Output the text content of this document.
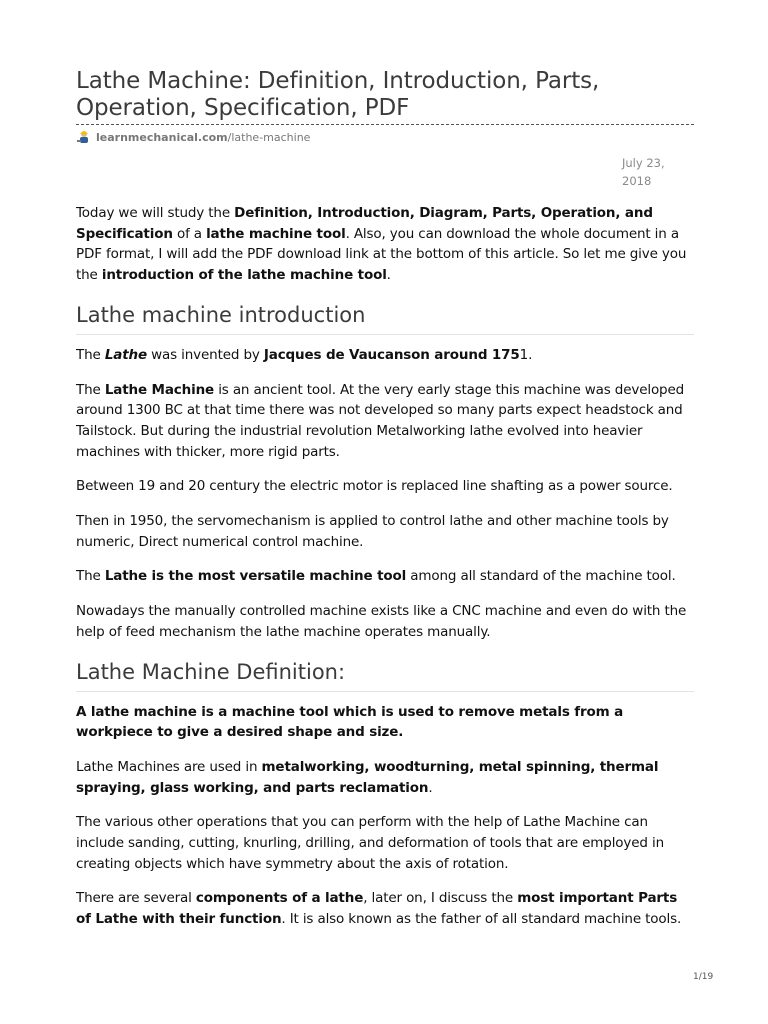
Lathe Machine: Definition, Introduction, Parts, Operation, Specification, PDF
learnmechanical.com /lathe-machine
July 23, 2018

Today we will study the Definition, Introduction, Diagram, Parts, Operation, and Specification of a lathe machine tool. Also, you can download the whole document in a PDF format, I will add the PDF download link at the bottom of this article. So let me give you the introduction of the lathe machine tool.

Lathe machine introduction

The Lathe was invented by Jacques de Vaucanson around 1751.

The Lathe Machine is an ancient tool. At the very early stage this machine was developed around 1300 BC at that time there was not developed so many parts expect headstock and Tailstock. But during the industrial revolution Metalworking lathe evolved into heavier machines with thicker, more rigid parts.

Between 19 and 20 century the electric motor is replaced line shafting as a power source.

Then in 1950, the servomechanism is applied to control lathe and other machine tools by numeric, Direct numerical control machine.

The Lathe is the most versatile machine tool among all standard of the machine tool.

Nowadays the manually controlled machine exists like a CNC machine and even do with the help of feed mechanism the lathe machine operates manually.

Lathe Machine Definition:

A lathe machine is a machine tool which is used to remove metals from a workpiece to give a desired shape and size.

Lathe Machines are used in metalworking, woodturning, metal spinning, thermal spraying, glass working, and parts reclamation.

The various other operations that you can perform with the help of Lathe Machine can include sanding, cutting, knurling, drilling, and deformation of tools that are employed in creating objects which have symmetry about the axis of rotation.

There are several components of a lathe, later on, I discuss the most important Parts of Lathe with their function. It is also known as the father of all standard machine tools.

1/19
